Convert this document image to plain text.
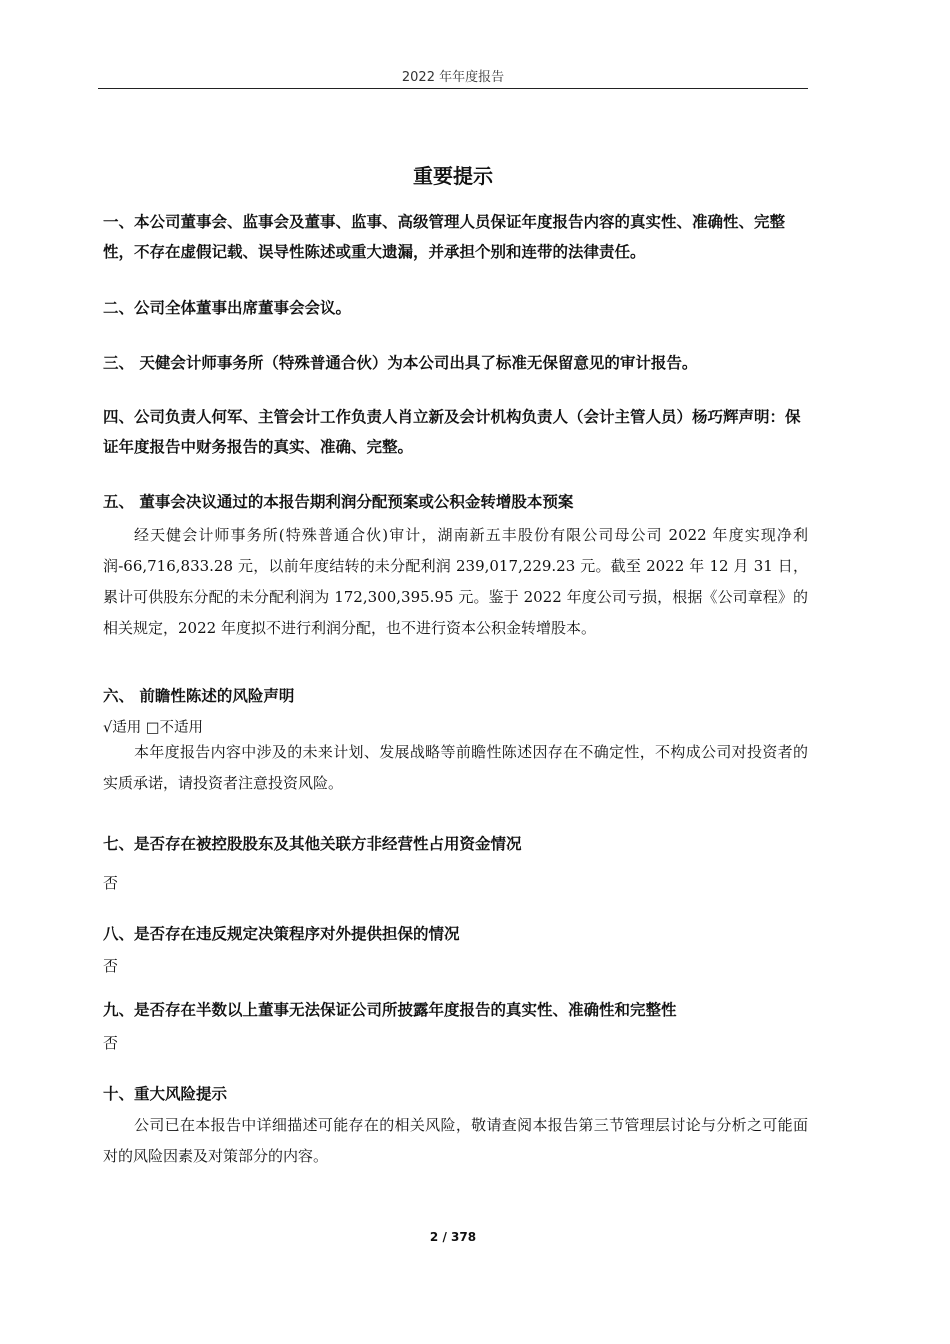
2022 年年度报告
重要提示

一、本公司董事会、监事会及董事、监事、高级管理人员保证年度报告内容的真实性、准确性、完整性，不存在虚假记载、误导性陈述或重大遗漏，并承担个别和连带的法律责任。

二、公司全体董事出席董事会会议。

三、 天健会计师事务所（特殊普通合伙）为本公司出具了标准无保留意见的审计报告。

四、公司负责人何军、主管会计工作负责人肖立新及会计机构负责人（会计主管人员）杨巧辉声明：保证年度报告中财务报告的真实、准确、完整。

五、 董事会决议通过的本报告期利润分配预案或公积金转增股本预案

经天健会计师事务所(特殊普通合伙)审计，湖南新五丰股份有限公司母公司 2022 年度实现净利润-66,716,833.28 元，以前年度结转的未分配利润 239,017,229.23 元。截至 2022 年 12 月 31 日，累计可供股东分配的未分配利润为 172,300,395.95 元。鉴于 2022 年度公司亏损，根据《公司章程》的相关规定，2022 年度拟不进行利润分配，也不进行资本公积金转增股本。

六、 前瞻性陈述的风险声明

√适用 □不适用

本年度报告内容中涉及的未来计划、发展战略等前瞻性陈述因存在不确定性，不构成公司对投资者的实质承诺，请投资者注意投资风险。

七、是否存在被控股股东及其他关联方非经营性占用资金情况

否

八、是否存在违反规定决策程序对外提供担保的情况

否

九、是否存在半数以上董事无法保证公司所披露年度报告的真实性、准确性和完整性

否

十、重大风险提示

公司已在本报告中详细描述可能存在的相关风险，敬请查阅本报告第三节管理层讨论与分析之可能面对的风险因素及对策部分的内容。

2 / 378
